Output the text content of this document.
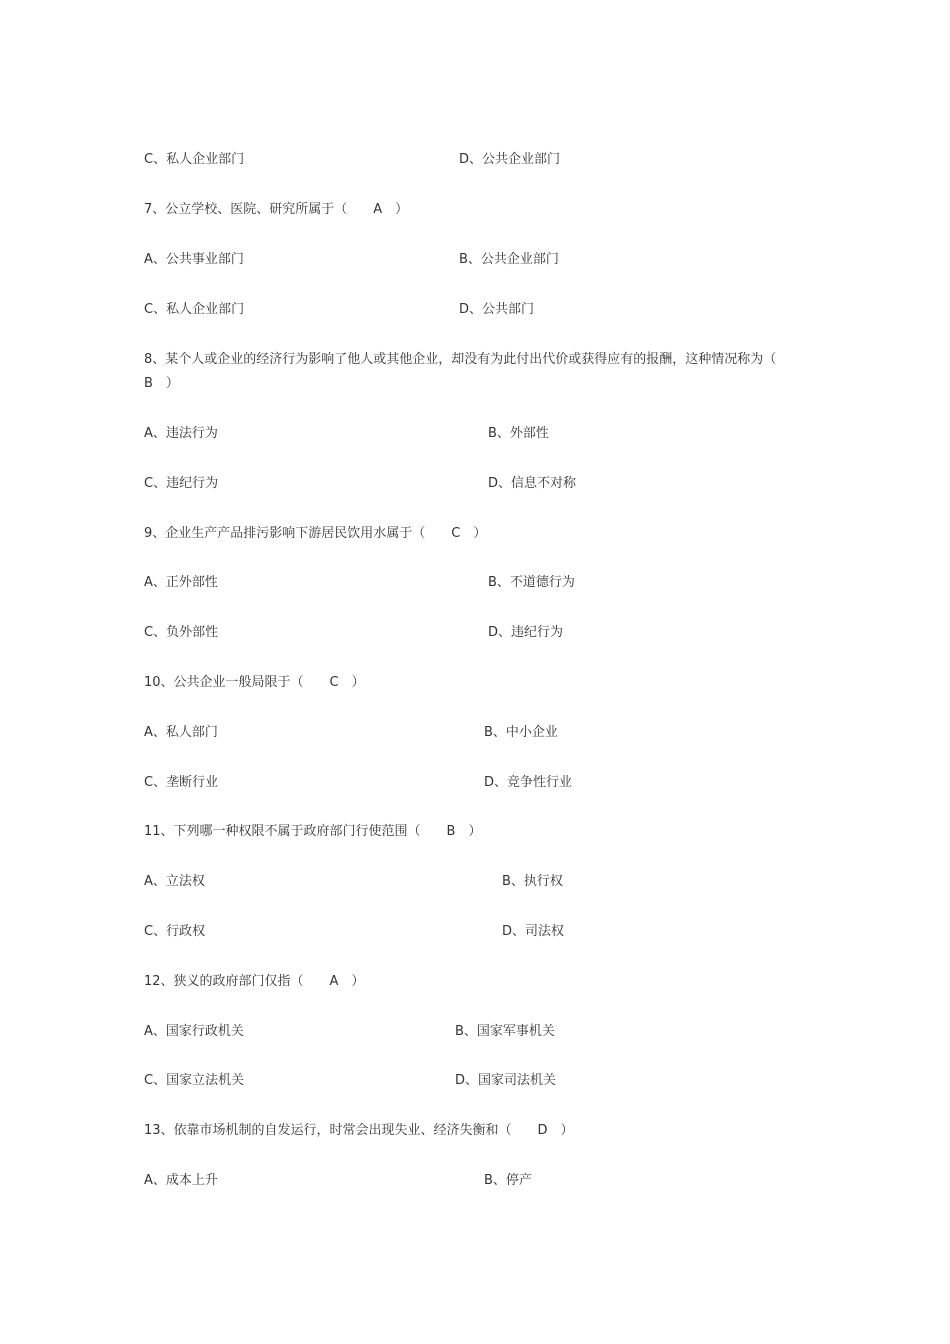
C、私人企业部门	D、公共企业部门
7、公立学校、医院、研究所属于（　　A　）
A、公共事业部门	B、公共企业部门
C、私人企业部门	D、公共部门
8、某个人或企业的经济行为影响了他人或其他企业，却没有为此付出代价或获得应有的报酬，这种情况称为（　　B　）
A、违法行为	B、外部性
C、违纪行为	D、信息不对称
9、企业生产产品排污影响下游居民饮用水属于（　　C　）
A、正外部性	B、不道德行为
C、负外部性	D、违纪行为
10、公共企业一般局限于（　　C　）
A、私人部门	B、中小企业
C、垄断行业	D、竞争性行业
11、下列哪一种权限不属于政府部门行使范围（　　B　）
A、立法权	B、执行权
C、行政权	D、司法权
12、狭义的政府部门仅指（　　A　）
A、国家行政机关	B、国家军事机关
C、国家立法机关	D、国家司法机关
13、依靠市场机制的自发运行，时常会出现失业、经济失衡和（　　D　）
A、成本上升	B、停产
